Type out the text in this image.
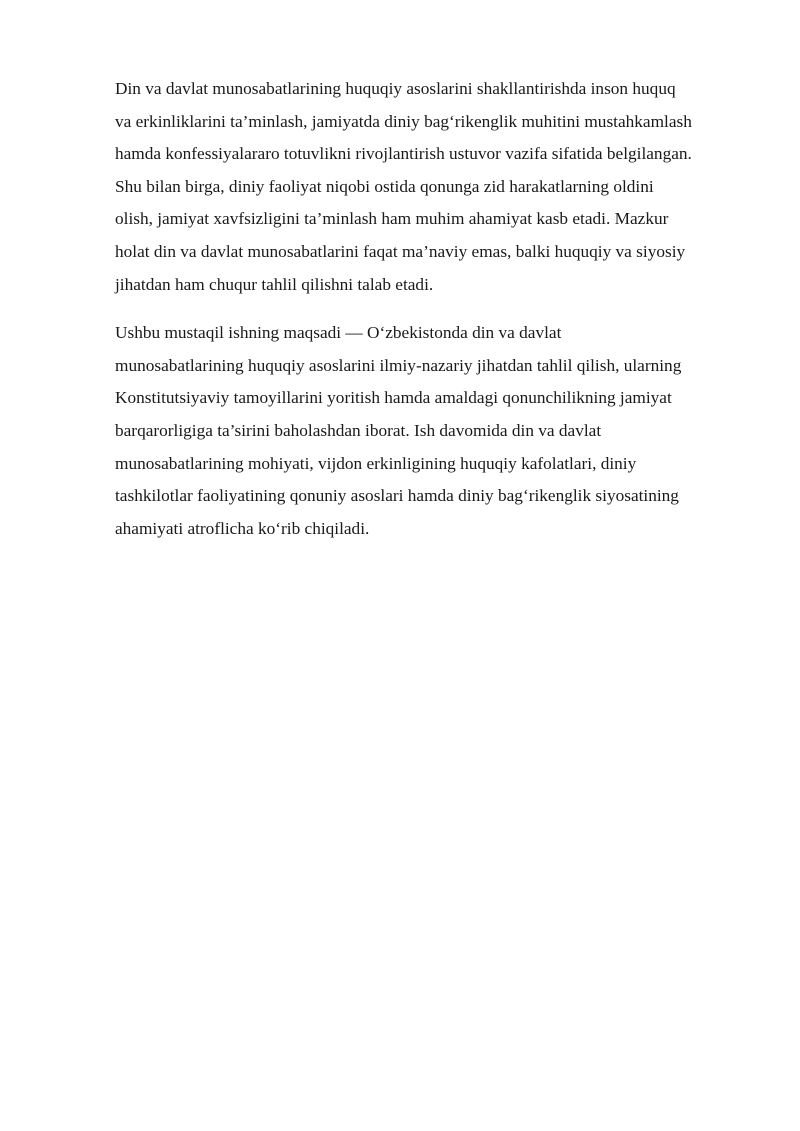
Din va davlat munosabatlarining huquqiy asoslarini shakllantirishda inson huquq
va erkinliklarini ta’minlash, jamiyatda diniy bag‘rikenglik muhitini mustahkamlash
hamda konfessiyalararo totuvlikni rivojlantirish ustuvor vazifa sifatida belgilangan.
Shu bilan birga, diniy faoliyat niqobi ostida qonunga zid harakatlarning oldini
olish, jamiyat xavfsizligini ta’minlash ham muhim ahamiyat kasb etadi. Mazkur
holat din va davlat munosabatlarini faqat ma’naviy emas, balki huquqiy va siyosiy
jihatdan ham chuqur tahlil qilishni talab etadi.

Ushbu mustaqil ishning maqsadi — O‘zbekistonda din va davlat
munosabatlarining huquqiy asoslarini ilmiy-nazariy jihatdan tahlil qilish, ularning
Konstitutsiyaviy tamoyillarini yoritish hamda amaldagi qonunchilikning jamiyat
barqarorligiga ta’sirini baholashdan iborat. Ish davomida din va davlat
munosabatlarining mohiyati, vijdon erkinligining huquqiy kafolatlari, diniy
tashkilotlar faoliyatining qonuniy asoslari hamda diniy bag‘rikenglik siyosatining
ahamiyati atroflicha ko‘rib chiqiladi.
